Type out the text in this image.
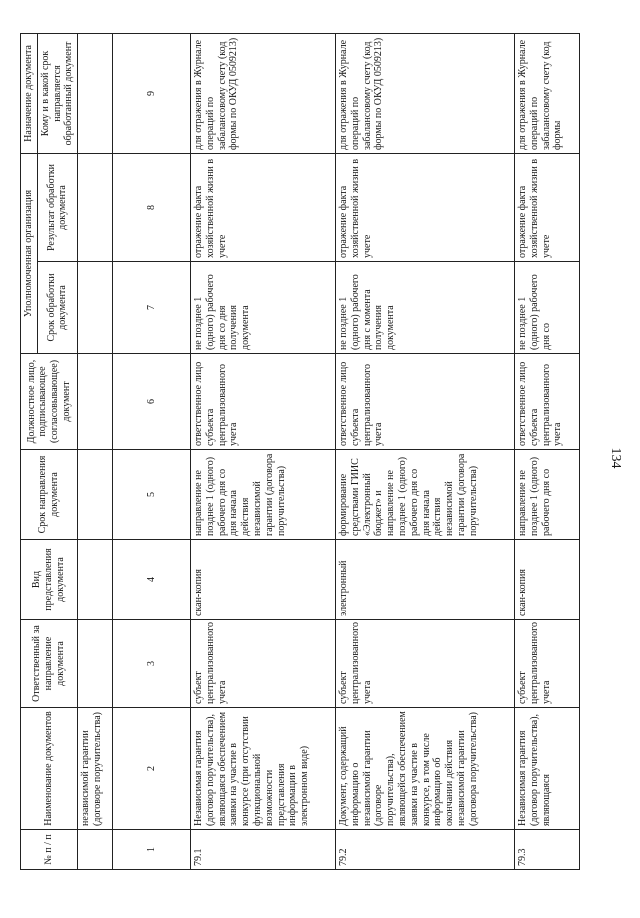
134
№ п / п	Наименование документов	Ответственный за направление документа	Вид представления документа	Срок направления документа	Должностное лицо, подписывающее (согласовывающее) документ	Уполномоченная организация		Назначение документа
						Срок обработки документа	Результат обработки документа	Кому и в какой срок направляется обработанный документ
	независимой гарантии (договоре поручительства)							
1	2	3	4	5	6	7	8	9
79.1	Независимая гарантия (договор поручительства), являющаяся обеспечением заявки на участие в конкурсе (при отсутствии функциональной возможности представления информации в электронном виде)	субъект централизованного учета	скан-копия	направление не позднее 1 (одного) рабочего дня со дня начала действия независимой гарантии (договора поручительства)	ответственное лицо субъекта централизованного учета	не позднее 1 (одного) рабочего дня со дня получения документа	отражение факта хозяйственной жизни в учете	для отражения в Журнале операций по забалансовому счету (код формы по ОКУД 0509213)
79.2	Документ, содержащий информацию о независимой гарантии (договоре поручительства), являющейся обеспечением заявки на участие в конкурсе, в том числе информацию об окончании действия независимой гарантии (договора поручительства)	субъект централизованного учета	электронный	формирование средствами ГИИС «Электронный бюджет» и направление не позднее 1 (одного) рабочего дня со дня начала действия независимой гарантии (договора поручительства)	ответственное лицо субъекта централизованного учета	не позднее 1 (одного) рабочего дня с момента получения документа	отражение факта хозяйственной жизни в учете	для отражения в Журнале операций по забалансовому счету (код формы по ОКУД 0509213)
79.3	Независимая гарантия (договор поручительства), являющаяся	субъект централизованного учета	скан-копия	направление не позднее 1 (одного) рабочего дня со	ответственное лицо субъекта централизованного учета	не позднее 1 (одного) рабочего дня со	отражение факта хозяйственной жизни в учете	для отражения в Журнале операций по забалансовому счету (код формы
